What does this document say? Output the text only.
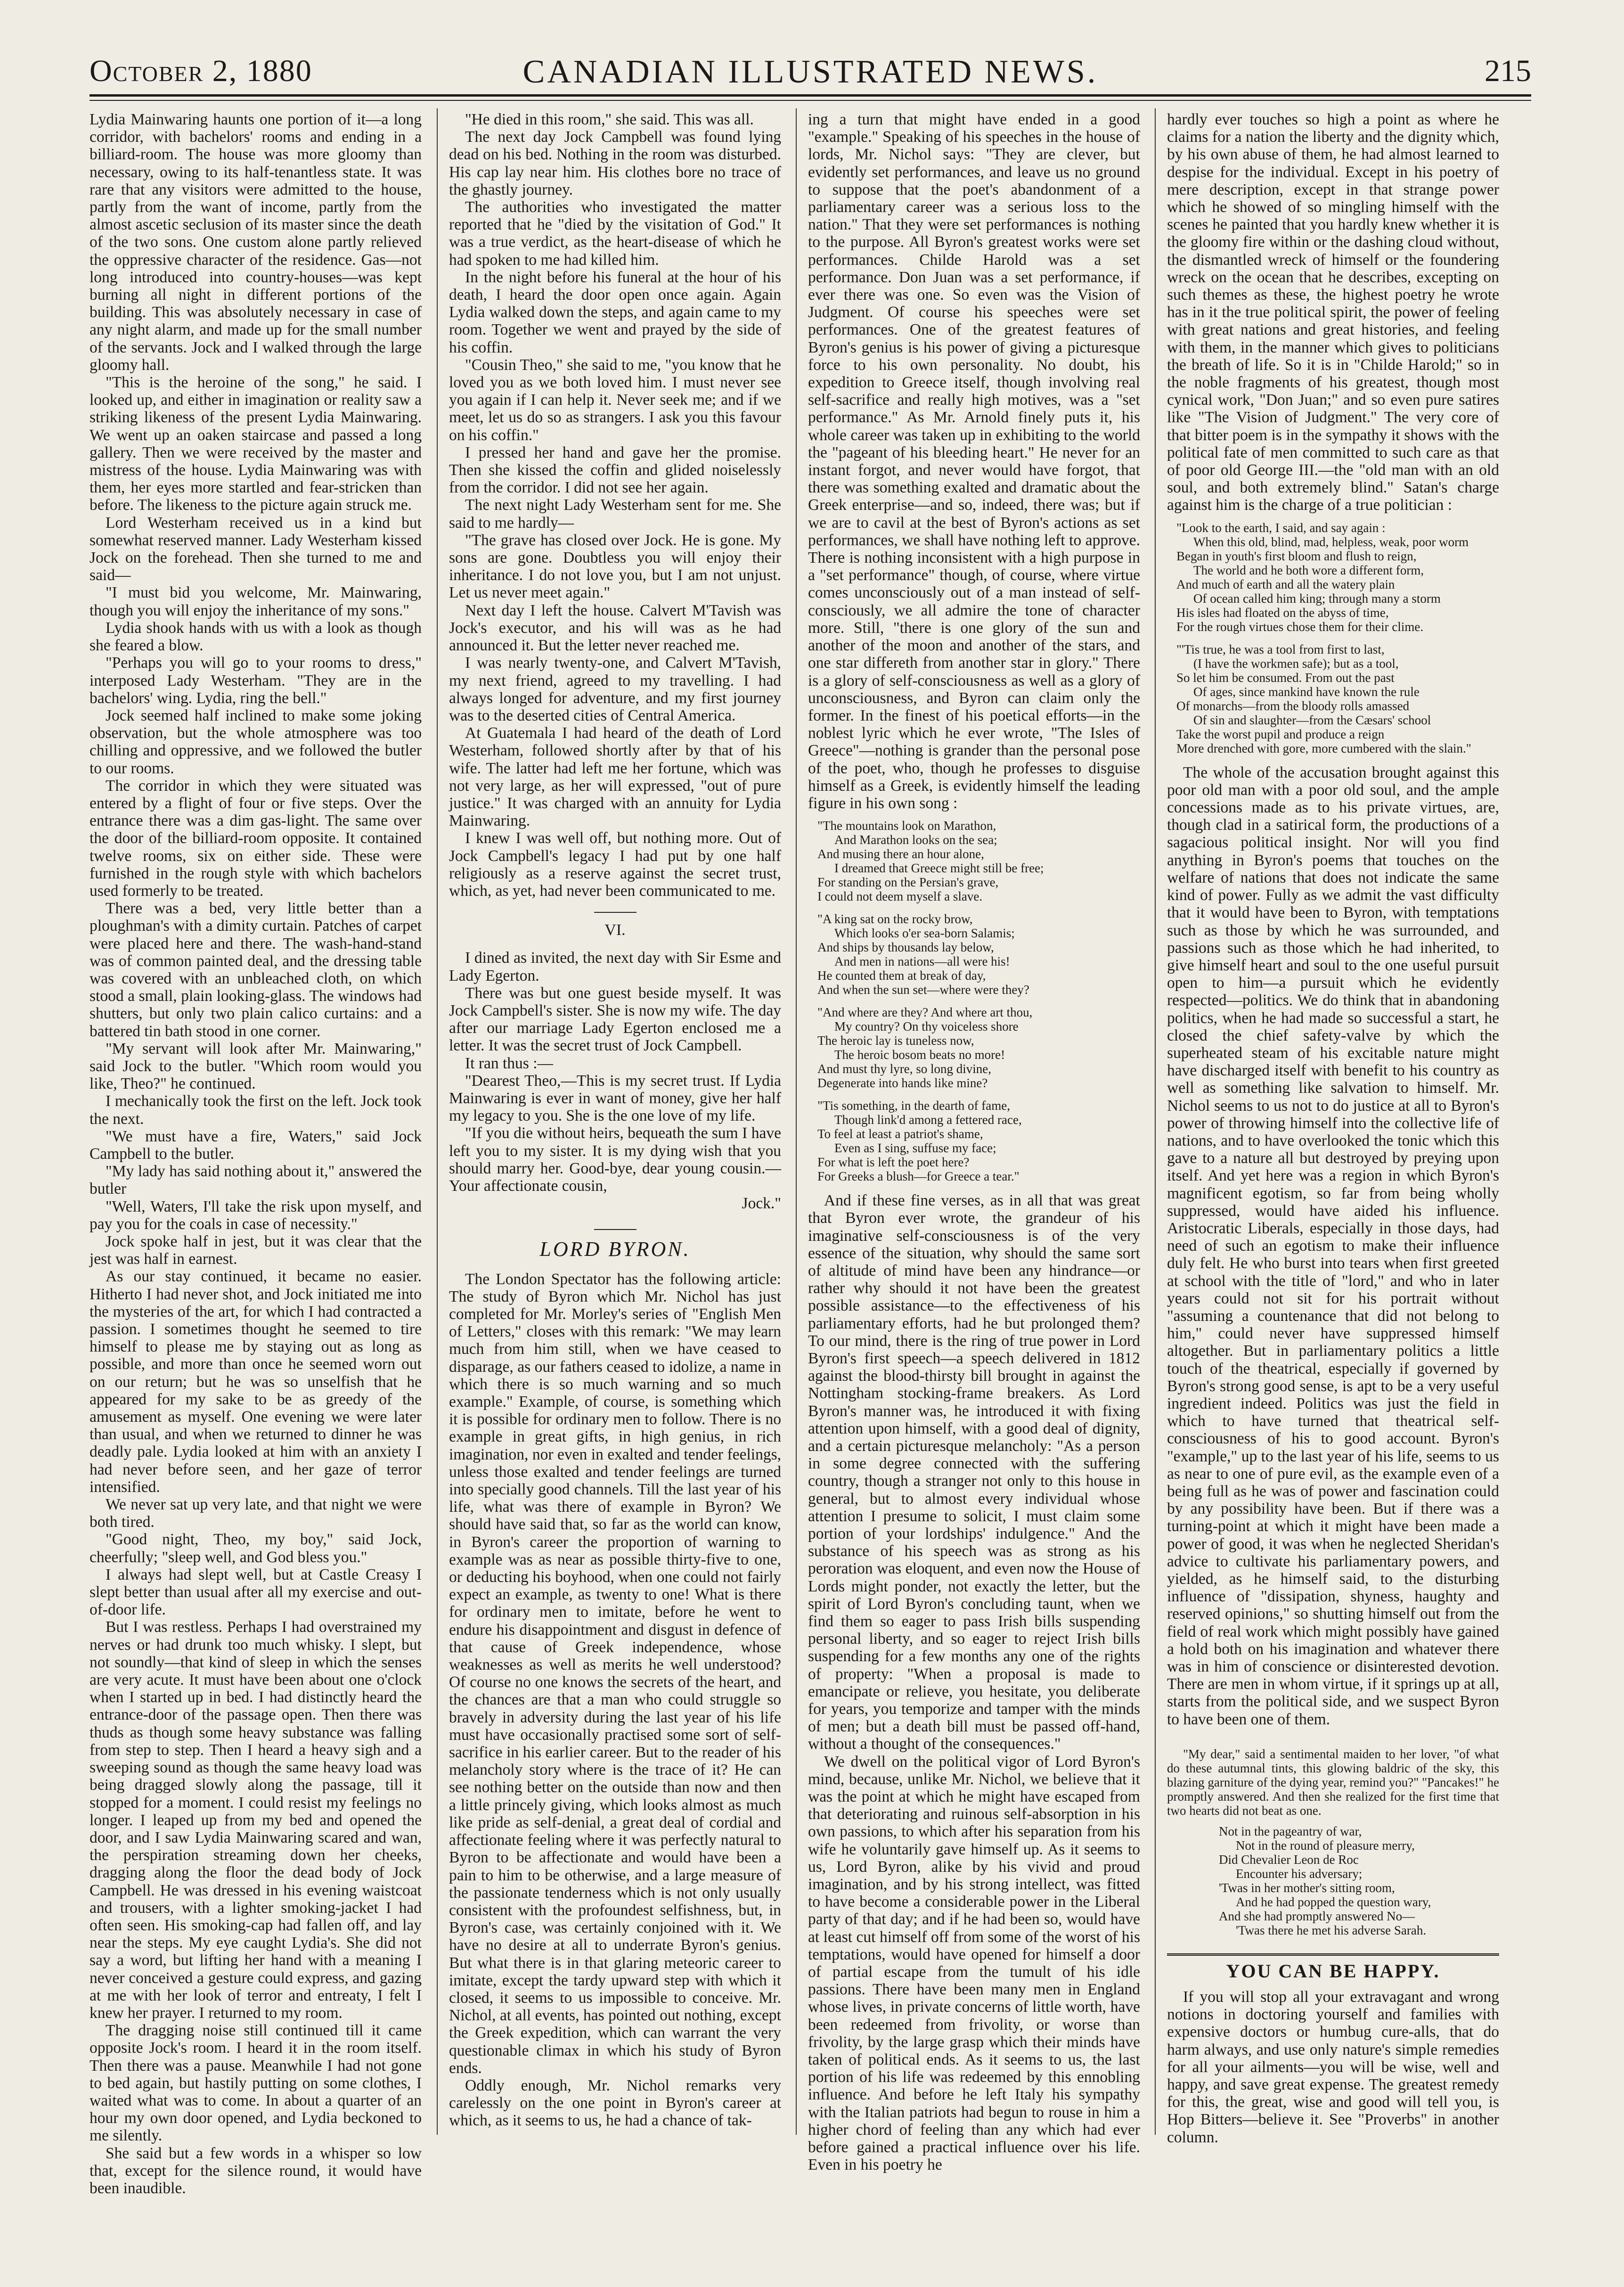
October 2, 1880	CANADIAN ILLUSTRATED NEWS.	215

Lydia Mainwaring haunts one portion of it—a long corridor, with bachelors' rooms and ending in a billiard-room. The house was more gloomy than necessary, owing to its half-tenantless state. It was rare that any visitors were admitted to the house, partly from the want of income, partly from the almost ascetic seclusion of its master since the death of the two sons. One custom alone partly relieved the oppressive character of the residence. Gas—not long introduced into country-houses—was kept burning all night in different portions of the building. This was absolutely necessary in case of any night alarm, and made up for the small number of the servants. Jock and I walked through the large gloomy hall.

"This is the heroine of the song," he said. I looked up, and either in imagination or reality saw a striking likeness of the present Lydia Mainwaring. We went up an oaken staircase and passed a long gallery. Then we were received by the master and mistress of the house. Lydia Mainwaring was with them, her eyes more startled and fear-stricken than before. The likeness to the picture again struck me.

Lord Westerham received us in a kind but somewhat reserved manner. Lady Westerham kissed Jock on the forehead. Then she turned to me and said—

"I must bid you welcome, Mr. Mainwaring, though you will enjoy the inheritance of my sons."

Lydia shook hands with us with a look as though she feared a blow.

"Perhaps you will go to your rooms to dress," interposed Lady Westerham. "They are in the bachelors' wing. Lydia, ring the bell."

Jock seemed half inclined to make some joking observation, but the whole atmosphere was too chilling and oppressive, and we followed the butler to our rooms.

The corridor in which they were situated was entered by a flight of four or five steps. Over the entrance there was a dim gas-light. The same over the door of the billiard-room opposite. It contained twelve rooms, six on either side. These were furnished in the rough style with which bachelors used formerly to be treated.

There was a bed, very little better than a ploughman's with a dimity curtain. Patches of carpet were placed here and there. The wash-hand-stand was of common painted deal, and the dressing table was covered with an unbleached cloth, on which stood a small, plain looking-glass. The windows had shutters, but only two plain calico curtains: and a battered tin bath stood in one corner.

"My servant will look after Mr. Mainwaring," said Jock to the butler. "Which room would you like, Theo?" he continued.

I mechanically took the first on the left. Jock took the next.

"We must have a fire, Waters," said Jock Campbell to the butler.

"My lady has said nothing about it," answered the butler

"Well, Waters, I'll take the risk upon myself, and pay you for the coals in case of necessity."

Jock spoke half in jest, but it was clear that the jest was half in earnest.

As our stay continued, it became no easier. Hitherto I had never shot, and Jock initiated me into the mysteries of the art, for which I had contracted a passion. I sometimes thought he seemed to tire himself to please me by staying out as long as possible, and more than once he seemed worn out on our return; but he was so unselfish that he appeared for my sake to be as greedy of the amusement as myself. One evening we were later than usual, and when we returned to dinner he was deadly pale. Lydia looked at him with an anxiety I had never before seen, and her gaze of terror intensified.

We never sat up very late, and that night we were both tired.

"Good night, Theo, my boy," said Jock, cheerfully; "sleep well, and God bless you."

I always had slept well, but at Castle Creasy I slept better than usual after all my exercise and out-of-door life.

But I was restless. Perhaps I had overstrained my nerves or had drunk too much whisky. I slept, but not soundly—that kind of sleep in which the senses are very acute. It must have been about one o'clock when I started up in bed. I had distinctly heard the entrance-door of the passage open. Then there was thuds as though some heavy substance was falling from step to step. Then I heard a heavy sigh and a sweeping sound as though the same heavy load was being dragged slowly along the passage, till it stopped for a moment. I could resist my feelings no longer. I leaped up from my bed and opened the door, and I saw Lydia Mainwaring scared and wan, the perspiration streaming down her cheeks, dragging along the floor the dead body of Jock Campbell. He was dressed in his evening waistcoat and trousers, with a lighter smoking-jacket I had often seen. His smoking-cap had fallen off, and lay near the steps. My eye caught Lydia's. She did not say a word, but lifting her hand with a meaning I never conceived a gesture could express, and gazing at me with her look of terror and entreaty, I felt I knew her prayer. I returned to my room.

The dragging noise still continued till it came opposite Jock's room. I heard it in the room itself. Then there was a pause. Meanwhile I had not gone to bed again, but hastily putting on some clothes, I waited what was to come. In about a quarter of an hour my own door opened, and Lydia beckoned to me silently.

She said but a few words in a whisper so low that, except for the silence round, it would have been inaudible.

"He died in this room," she said. This was all.

The next day Jock Campbell was found lying dead on his bed. Nothing in the room was disturbed. His cap lay near him. His clothes bore no trace of the ghastly journey.

The authorities who investigated the matter reported that he "died by the visitation of God." It was a true verdict, as the heart-disease of which he had spoken to me had killed him.

In the night before his funeral at the hour of his death, I heard the door open once again. Again Lydia walked down the steps, and again came to my room. Together we went and prayed by the side of his coffin.

"Cousin Theo," she said to me, "you know that he loved you as we both loved him. I must never see you again if I can help it. Never seek me; and if we meet, let us do so as strangers. I ask you this favour on his coffin."

I pressed her hand and gave her the promise. Then she kissed the coffin and glided noiselessly from the corridor. I did not see her again.

The next night Lady Westerham sent for me. She said to me hardly—

"The grave has closed over Jock. He is gone. My sons are gone. Doubtless you will enjoy their inheritance. I do not love you, but I am not unjust. Let us never meet again."

Next day I left the house. Calvert M'Tavish was Jock's executor, and his will was as he had announced it. But the letter never reached me.

I was nearly twenty-one, and Calvert M'Tavish, my next friend, agreed to my travelling. I had always longed for adventure, and my first journey was to the deserted cities of Central America.

At Guatemala I had heard of the death of Lord Westerham, followed shortly after by that of his wife. The latter had left me her fortune, which was not very large, as her will expressed, "out of pure justice." It was charged with an annuity for Lydia Mainwaring.

I knew I was well off, but nothing more. Out of Jock Campbell's legacy I had put by one half religiously as a reserve against the secret trust, which, as yet, had never been communicated to me.

VI.

I dined as invited, the next day with Sir Esme and Lady Egerton.

There was but one guest beside myself. It was Jock Campbell's sister. She is now my wife. The day after our marriage Lady Egerton enclosed me a letter. It was the secret trust of Jock Campbell.

It ran thus :—

"Dearest Theo,—This is my secret trust. If Lydia Mainwaring is ever in want of money, give her half my legacy to you. She is the one love of my life.

"If you die without heirs, bequeath the sum I have left you to my sister. It is my dying wish that you should marry her. Good-bye, dear young cousin.—Your affectionate cousin,

Jock."

LORD BYRON.

The London Spectator has the following article: The study of Byron which Mr. Nichol has just completed for Mr. Morley's series of "English Men of Letters," closes with this remark: "We may learn much from him still, when we have ceased to disparage, as our fathers ceased to idolize, a name in which there is so much warning and so much example." Example, of course, is something which it is possible for ordinary men to follow. There is no example in great gifts, in high genius, in rich imagination, nor even in exalted and tender feelings, unless those exalted and tender feelings are turned into specially good channels. Till the last year of his life, what was there of example in Byron? We should have said that, so far as the world can know, in Byron's career the proportion of warning to example was as near as possible thirty-five to one, or deducting his boyhood, when one could not fairly expect an example, as twenty to one! What is there for ordinary men to imitate, before he went to endure his disappointment and disgust in defence of that cause of Greek independence, whose weaknesses as well as merits he well understood? Of course no one knows the secrets of the heart, and the chances are that a man who could struggle so bravely in adversity during the last year of his life must have occasionally practised some sort of self-sacrifice in his earlier career. But to the reader of his melancholy story where is the trace of it? He can see nothing better on the outside than now and then a little princely giving, which looks almost as much like pride as self-denial, a great deal of cordial and affectionate feeling where it was perfectly natural to Byron to be affectionate and would have been a pain to him to be otherwise, and a large measure of the passionate tenderness which is not only usually consistent with the profoundest selfishness, but, in Byron's case, was certainly conjoined with it. We have no desire at all to underrate Byron's genius. But what there is in that glaring meteoric career to imitate, except the tardy upward step with which it closed, it seems to us impossible to conceive. Mr. Nichol, at all events, has pointed out nothing, except the Greek expedition, which can warrant the very questionable climax in which his study of Byron ends.

Oddly enough, Mr. Nichol remarks very carelessly on the one point in Byron's career at which, as it seems to us, he had a chance of tak-

ing a turn that might have ended in a good "example." Speaking of his speeches in the house of lords, Mr. Nichol says: "They are clever, but evidently set performances, and leave us no ground to suppose that the poet's abandonment of a parliamentary career was a serious loss to the nation." That they were set performances is nothing to the purpose. All Byron's greatest works were set performances. Childe Harold was a set performance. Don Juan was a set performance, if ever there was one. So even was the Vision of Judgment. Of course his speeches were set performances. One of the greatest features of Byron's genius is his power of giving a picturesque force to his own personality. No doubt, his expedition to Greece itself, though involving real self-sacrifice and really high motives, was a "set performance." As Mr. Arnold finely puts it, his whole career was taken up in exhibiting to the world the "pageant of his bleeding heart." He never for an instant forgot, and never would have forgot, that there was something exalted and dramatic about the Greek enterprise—and so, indeed, there was; but if we are to cavil at the best of Byron's actions as set performances, we shall have nothing left to approve. There is nothing inconsistent with a high purpose in a "set performance" though, of course, where virtue comes unconsciously out of a man instead of self-consciously, we all admire the tone of character more. Still, "there is one glory of the sun and another of the moon and another of the stars, and one star differeth from another star in glory." There is a glory of self-consciousness as well as a glory of unconsciousness, and Byron can claim only the former. In the finest of his poetical efforts—in the noblest lyric which he ever wrote, "The Isles of Greece"—nothing is grander than the personal pose of the poet, who, though he professes to disguise himself as a Greek, is evidently himself the leading figure in his own song :

"The mountains look on Marathon,
And Marathon looks on the sea;
And musing there an hour alone,
I dreamed that Greece might still be free;
For standing on the Persian's grave,
I could not deem myself a slave.
"A king sat on the rocky brow,
Which looks o'er sea-born Salamis;
And ships by thousands lay below,
And men in nations—all were his!
He counted them at break of day,
And when the sun set—where were they?
"And where are they? And where art thou,
My country? On thy voiceless shore
The heroic lay is tuneless now,
The heroic bosom beats no more!
And must thy lyre, so long divine,
Degenerate into hands like mine?
"Tis something, in the dearth of fame,
Though link'd among a fettered race,
To feel at least a patriot's shame,
Even as I sing, suffuse my face;
For what is left the poet here?
For Greeks a blush—for Greece a tear."

And if these fine verses, as in all that was great that Byron ever wrote, the grandeur of his imaginative self-consciousness is of the very essence of the situation, why should the same sort of altitude of mind have been any hindrance—or rather why should it not have been the greatest possible assistance—to the effectiveness of his parliamentary efforts, had he but prolonged them? To our mind, there is the ring of true power in Lord Byron's first speech—a speech delivered in 1812 against the blood-thirsty bill brought in against the Nottingham stocking-frame breakers. As Lord Byron's manner was, he introduced it with fixing attention upon himself, with a good deal of dignity, and a certain picturesque melancholy: "As a person in some degree connected with the suffering country, though a stranger not only to this house in general, but to almost every individual whose attention I presume to solicit, I must claim some portion of your lordships' indulgence." And the substance of his speech was as strong as his peroration was eloquent, and even now the House of Lords might ponder, not exactly the letter, but the spirit of Lord Byron's concluding taunt, when we find them so eager to pass Irish bills suspending personal liberty, and so eager to reject Irish bills suspending for a few months any one of the rights of property: "When a proposal is made to emancipate or relieve, you hesitate, you deliberate for years, you temporize and tamper with the minds of men; but a death bill must be passed off-hand, without a thought of the consequences."

We dwell on the political vigor of Lord Byron's mind, because, unlike Mr. Nichol, we believe that it was the point at which he might have escaped from that deteriorating and ruinous self-absorption in his own passions, to which after his separation from his wife he voluntarily gave himself up. As it seems to us, Lord Byron, alike by his vivid and proud imagination, and by his strong intellect, was fitted to have become a considerable power in the Liberal party of that day; and if he had been so, would have at least cut himself off from some of the worst of his temptations, would have opened for himself a door of partial escape from the tumult of his idle passions. There have been many men in England whose lives, in private concerns of little worth, have been redeemed from frivolity, or worse than frivolity, by the large grasp which their minds have taken of political ends. As it seems to us, the last portion of his life was redeemed by this ennobling influence. And before he left Italy his sympathy with the Italian patriots had begun to rouse in him a higher chord of feeling than any which had ever before gained a practical influence over his life. Even in his poetry he

hardly ever touches so high a point as where he claims for a nation the liberty and the dignity which, by his own abuse of them, he had almost learned to despise for the individual. Except in his poetry of mere description, except in that strange power which he showed of so mingling himself with the scenes he painted that you hardly knew whether it is the gloomy fire within or the dashing cloud without, the dismantled wreck of himself or the foundering wreck on the ocean that he describes, excepting on such themes as these, the highest poetry he wrote has in it the true political spirit, the power of feeling with great nations and great histories, and feeling with them, in the manner which gives to politicians the breath of life. So it is in "Childe Harold;" so in the noble fragments of his greatest, though most cynical work, "Don Juan;" and so even pure satires like "The Vision of Judgment." The very core of that bitter poem is in the sympathy it shows with the political fate of men committed to such care as that of poor old George III.—the "old man with an old soul, and both extremely blind." Satan's charge against him is the charge of a true politician :

"Look to the earth, I said, and say again :
When this old, blind, mad, helpless, weak, poor worm
Began in youth's first bloom and flush to reign,
The world and he both wore a different form,
And much of earth and all the watery plain
Of ocean called him king; through many a storm
His isles had floated on the abyss of time,
For the rough virtues chose them for their clime.
"'Tis true, he was a tool from first to last,
(I have the workmen safe); but as a tool,
So let him be consumed. From out the past
Of ages, since mankind have known the rule
Of monarchs—from the bloody rolls amassed
Of sin and slaughter—from the Cæsars' school
Take the worst pupil and produce a reign
More drenched with gore, more cumbered with the slain."

The whole of the accusation brought against this poor old man with a poor old soul, and the ample concessions made as to his private virtues, are, though clad in a satirical form, the productions of a sagacious political insight. Nor will you find anything in Byron's poems that touches on the welfare of nations that does not indicate the same kind of power. Fully as we admit the vast difficulty that it would have been to Byron, with temptations such as those by which he was surrounded, and passions such as those which he had inherited, to give himself heart and soul to the one useful pursuit open to him—a pursuit which he evidently respected—politics. We do think that in abandoning politics, when he had made so successful a start, he closed the chief safety-valve by which the superheated steam of his excitable nature might have discharged itself with benefit to his country as well as something like salvation to himself. Mr. Nichol seems to us not to do justice at all to Byron's power of throwing himself into the collective life of nations, and to have overlooked the tonic which this gave to a nature all but destroyed by preying upon itself. And yet here was a region in which Byron's magnificent egotism, so far from being wholly suppressed, would have aided his influence. Aristocratic Liberals, especially in those days, had need of such an egotism to make their influence duly felt. He who burst into tears when first greeted at school with the title of "lord," and who in later years could not sit for his portrait without "assuming a countenance that did not belong to him," could never have suppressed himself altogether. But in parliamentary politics a little touch of the theatrical, especially if governed by Byron's strong good sense, is apt to be a very useful ingredient indeed. Politics was just the field in which to have turned that theatrical self-consciousness of his to good account. Byron's "example," up to the last year of his life, seems to us as near to one of pure evil, as the example even of a being full as he was of power and fascination could by any possibility have been. But if there was a turning-point at which it might have been made a power of good, it was when he neglected Sheridan's advice to cultivate his parliamentary powers, and yielded, as he himself said, to the disturbing influence of "dissipation, shyness, haughty and reserved opinions," so shutting himself out from the field of real work which might possibly have gained a hold both on his imagination and whatever there was in him of conscience or disinterested devotion. There are men in whom virtue, if it springs up at all, starts from the political side, and we suspect Byron to have been one of them.

"My dear," said a sentimental maiden to her lover, "of what do these autumnal tints, this glowing baldric of the sky, this blazing garniture of the dying year, remind you?" "Pancakes!" he promptly answered. And then she realized for the first time that two hearts did not beat as one.

Not in the pageantry of war,
Not in the round of pleasure merry,
Did Chevalier Leon de Roc
Encounter his adversary;
'Twas in her mother's sitting room,
And he had popped the question wary,
And she had promptly answered No—
'Twas there he met his adverse Sarah.
YOU CAN BE HAPPY.

If you will stop all your extravagant and wrong notions in doctoring yourself and families with expensive doctors or humbug cure-alls, that do harm always, and use only nature's simple remedies for all your ailments—you will be wise, well and happy, and save great expense. The greatest remedy for this, the great, wise and good will tell you, is Hop Bitters—believe it. See "Proverbs" in another column.
